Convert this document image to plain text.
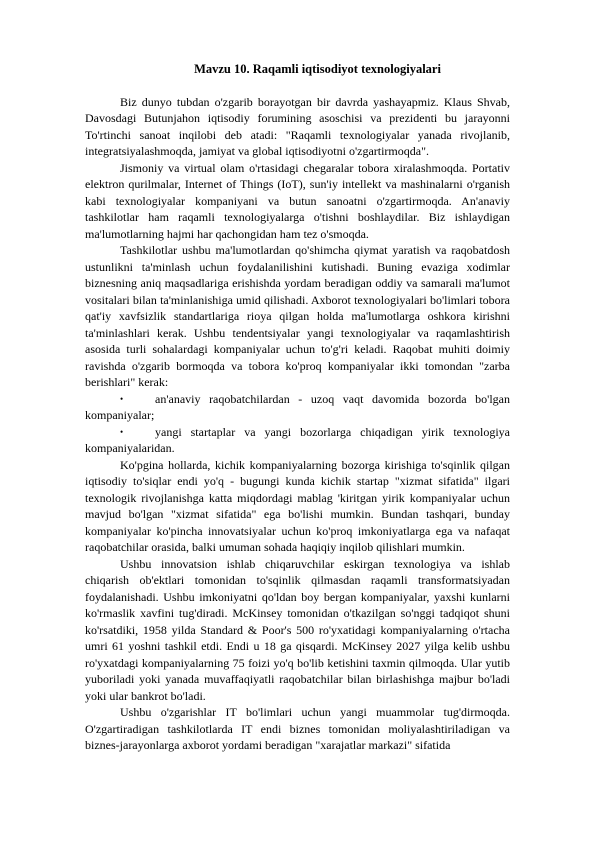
Mavzu 10. Raqamli iqtisodiyot texnologiyalari

Biz dunyo tubdan o'zgarib borayotgan bir davrda yashayapmiz. Klaus Shvab, Davosdagi Butunjahon iqtisodiy forumining asoschisi va prezidenti bu jarayonni To'rtinchi sanoat inqilobi deb atadi: "Raqamli texnologiyalar yanada rivojlanib, integratsiyalashmoqda, jamiyat va global iqtisodiyotni o'zgartirmoqda".

Jismoniy va virtual olam o'rtasidagi chegaralar tobora xiralashmoqda. Portativ elektron qurilmalar, Internet of Things (IoT), sun'iy intellekt va mashinalarni o'rganish kabi texnologiyalar kompaniyani va butun sanoatni o'zgartirmoqda. An'anaviy tashkilotlar ham raqamli texnologiyalarga o'tishni boshlaydilar. Biz ishlaydigan ma'lumotlarning hajmi har qachongidan ham tez o'smoqda.

Tashkilotlar ushbu ma'lumotlardan qo'shimcha qiymat yaratish va raqobatdosh ustunlikni ta'minlash uchun foydalanilishini kutishadi. Buning evaziga xodimlar biznesning aniq maqsadlariga erishishda yordam beradigan oddiy va samarali ma'lumot vositalari bilan ta'minlanishiga umid qilishadi. Axborot texnologiyalari bo'limlari tobora qat'iy xavfsizlik standartlariga rioya qilgan holda ma'lumotlarga oshkora kirishni ta'minlashlari kerak. Ushbu tendentsiyalar yangi texnologiyalar va raqamlashtirish asosida turli sohalardagi kompaniyalar uchun to'g'ri keladi. Raqobat muhiti doimiy ravishda o'zgarib bormoqda va tobora ko'proq kompaniyalar ikki tomondan "zarba berishlari" kerak:

•	an'anaviy raqobatchilardan - uzoq vaqt davomida bozorda bo'lgan kompaniyalar;
•	yangi startaplar va yangi bozorlarga chiqadigan yirik texnologiya kompaniyalaridan.

Ko'pgina hollarda, kichik kompaniyalarning bozorga kirishiga to'sqinlik qilgan iqtisodiy to'siqlar endi yo'q - bugungi kunda kichik startap "xizmat sifatida" ilgari texnologik rivojlanishga katta miqdordagi mablag 'kiritgan yirik kompaniyalar uchun mavjud bo'lgan "xizmat sifatida" ega bo'lishi mumkin. Bundan tashqari, bunday kompaniyalar ko'pincha innovatsiyalar uchun ko'proq imkoniyatlarga ega va nafaqat raqobatchilar orasida, balki umuman sohada haqiqiy inqilob qilishlari mumkin.

Ushbu innovatsion ishlab chiqaruvchilar eskirgan texnologiya va ishlab chiqarish ob'ektlari tomonidan to'sqinlik qilmasdan raqamli transformatsiyadan foydalanishadi. Ushbu imkoniyatni qo'ldan boy bergan kompaniyalar, yaxshi kunlarni ko'rmaslik xavfini tug'diradi. McKinsey tomonidan o'tkazilgan so'nggi tadqiqot shuni ko'rsatdiki, 1958 yilda Standard & Poor's 500 ro'yxatidagi kompaniyalarning o'rtacha umri 61 yoshni tashkil etdi. Endi u 18 ga qisqardi. McKinsey 2027 yilga kelib ushbu ro'yxatdagi kompaniyalarning 75 foizi yo'q bo'lib ketishini taxmin qilmoqda. Ular yutib yuboriladi yoki yanada muvaffaqiyatli raqobatchilar bilan birlashishga majbur bo'ladi yoki ular bankrot bo'ladi.

Ushbu o'zgarishlar IT bo'limlari uchun yangi muammolar tug'dirmoqda. O'zgartiradigan tashkilotlarda IT endi biznes tomonidan moliyalashtiriladigan va biznes-jarayonlarga axborot yordami beradigan "xarajatlar markazi" sifatida
